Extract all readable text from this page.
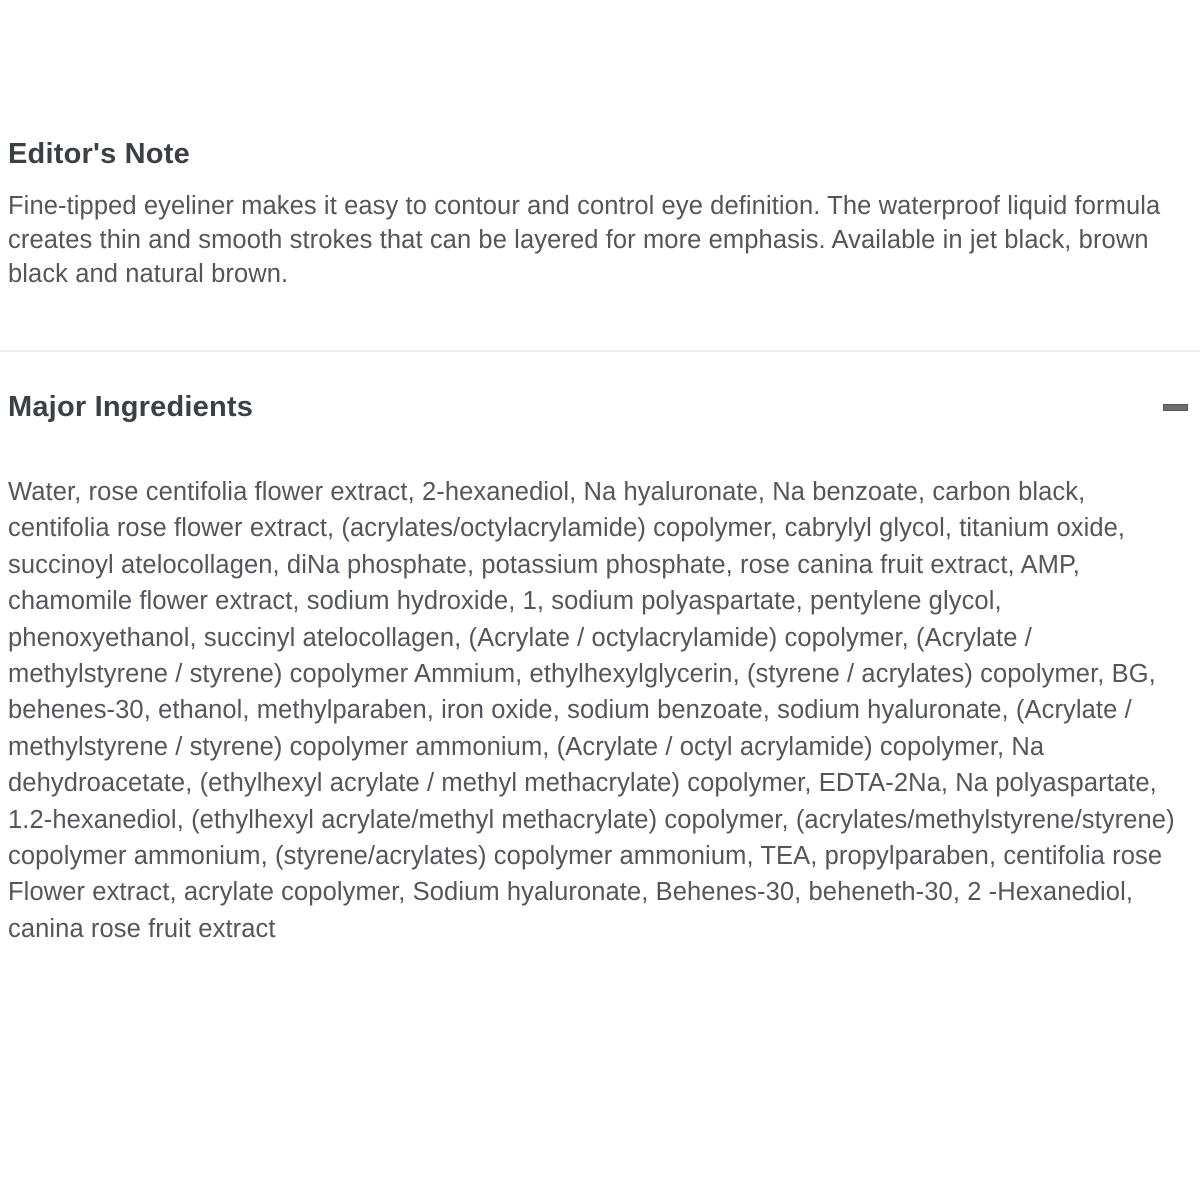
Editor's Note

Fine-tipped eyeliner makes it easy to contour and control eye definition. The waterproof liquid formula creates thin and smooth strokes that can be layered for more emphasis. Available in jet black, brown black and natural brown.

Major Ingredients

Water, rose centifolia flower extract, 2-hexanediol, Na hyaluronate, Na benzoate, carbon black, centifolia rose flower extract, (acrylates/octylacrylamide) copolymer, cabrylyl glycol, titanium oxide, succinoyl atelocollagen, diNa phosphate, potassium phosphate, rose canina fruit extract, AMP, chamomile flower extract, sodium hydroxide, 1, sodium polyaspartate, pentylene glycol, phenoxyethanol, succinyl atelocollagen, (Acrylate / octylacrylamide) copolymer, (Acrylate / methylstyrene / styrene) copolymer Ammium, ethylhexylglycerin, (styrene / acrylates) copolymer, BG, behenes-30, ethanol, methylparaben, iron oxide, sodium benzoate, sodium hyaluronate, (Acrylate / methylstyrene / styrene) copolymer ammonium, (Acrylate / octyl acrylamide) copolymer, Na dehydroacetate, (ethylhexyl acrylate / methyl methacrylate) copolymer, EDTA-2Na, Na polyaspartate, 1.2-hexanediol, (ethylhexyl acrylate/methyl methacrylate) copolymer, (acrylates/methylstyrene/styrene) copolymer ammonium, (styrene/acrylates) copolymer ammonium, TEA, propylparaben, centifolia rose Flower extract, acrylate copolymer, Sodium hyaluronate, Behenes-30, beheneth-30, 2 -Hexanediol, canina rose fruit extract
